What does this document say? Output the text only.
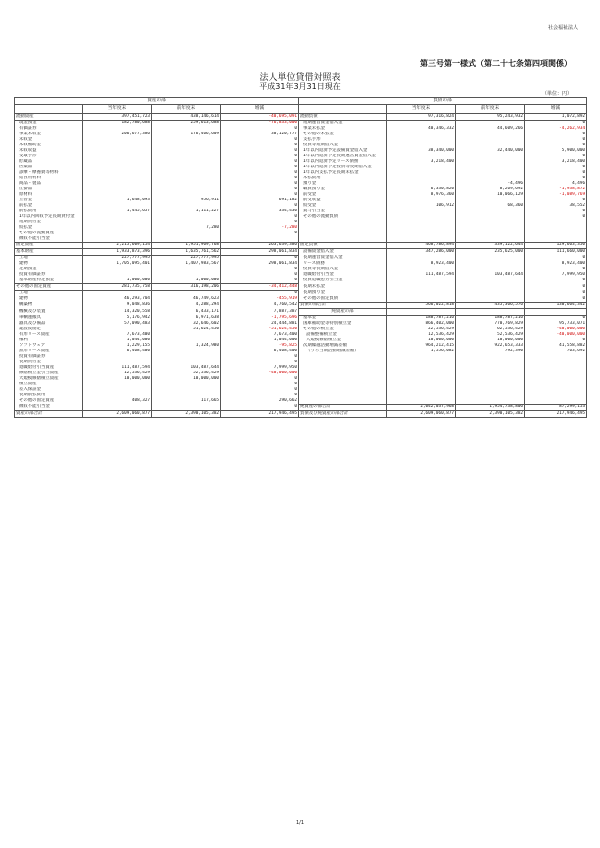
社会福祉法人
第三号第一様式（第二十七条第四項関係）
法人単位貸借対照表
平成31年3月31日現在
（単位：円）
資産の部				負債の部			
	当年度末	前年度末	増減		当年度末	前年度末	増減
流動資産	397,451,723	438,146,614	-40,695,091	流動負債	97,316,824	95,243,932	1,072,892
現金預金	182,780,688	259,613,688	-76,833,000	短期運営資金借入金			0
有価証券			0	事業未払金	40,346,332	44,609,266	-4,262,934
事業未収金	206,677,386	176,466,609	30,120,777	その他の未払金			0
未収金			0	支払手形			0
未収補助金			0	役員等短期借入金			0
未収収益			0	1年以内返済予定設備資金借入金	38,340,000	32,440,000	5,900,000
受取手形			0	1年以内返済予定長期運営資金借入金			0
貯蔵品			0	1年以内返済予定リース債務	3,218,400		3,218,400
医薬品			0	1年以内返済予定役員等長期借入金			0
診療・療養費等材料			0	1年以内支払予定長期未払金			0
給食用材料			0	未払費用			0
商品・製品			0	預り金		-4,496	4,496
仕掛品			0	職員預り金	6,330,820	8,269,692	-1,938,872
原材料			0	前受金	8,976,360	10,066,129	-1,089,769
立替金	1,648,093	956,911	691,182	前受収益			0
前払金			0	仮受金	106,912	68,360	38,552
前払費用	1,445,657	1,111,227	334,430	賞与引当金			0
1年以内回収予定長期貸付金			0	その他の流動負債			0
短期貸付金			0				
仮払金		7,280	-7,280				
その他の流動資産			0				
徴収不能引当金							
固定資産	2,215,609,154	1,951,969,768	263,639,386	固定負債	468,786,894	339,122,644	129,663,350
基本財産	1,933,873,396	1,635,761,562	298,061,834	設備資金借入金	347,286,000	235,625,000	111,660,000
土地	227,777,995	227,777,995	0	長期運営資金借入金			0
建物	1,705,095,401	1,407,983,567	298,061,834	リース債務	8,923,400		8,923,400
定期預金			0	役員等長期借入金			0
投資有価証券			0	退職給付引当金	111,487,594	103,487,644	7,999,950
基本財産特定預金	1,000,000	1,000,000	0	役員退職慰労引当金			0
その他の固定資産	281,735,758	316,198,206	-34,412,448	長期未払金			0
土地			0	長期預り金			0
建物	46,293,704	46,749,623	-455,919	その他の固定負債			0
構築物	9,048,836	4,288,294	4,760,542	負債の部合計	566,022,818	435,366,576	130,664,342
機械及び装置	14,320,558	6,433,171	7,887,387	純資産の部			
車輌運搬具	5,176,942	6,971,638	-1,795,696	基本金	188,787,216	188,787,216	0
器具及び備品	57,090,483	32,646,602	24,444,881	国庫補助金等特別積立金	866,402,000	770,769,829	95,733,071
建設仮勘定		51,624,450	-51,624,450	その他の積立金	22,536,429	62,536,429	-40,000,000
有形リース資産	7,673,400		7,673,400	設備整備積立金	12,536,429	52,536,429	-40,000,000
権利	1,044,000		1,044,000	大規模修繕積立金	10,000,000	10,000,000	0
ソフトウェア	1,229,155	1,324,980	-95,825	次期繰越活動増減差額	964,212,415	922,653,333	41,558,882
無形リース資産	6,468,400		6,468,400	（うち当期活動増減差額）	1,556,082	792,390	763,692
投資有価証券			0				
長期貸付金			0				
退職給付引当資産	111,487,594	103,487,644	7,999,950				
修繕積立金引当資産	12,536,429	52,536,429	-40,000,000				
大規模修繕積立資産	10,000,000	10,000,000	0				
積立資産			0				
差入保証金			0				
長期前払費用			0				
その他の固定資産	408,327	117,665	290,662				
徴収不能引当金			0	純資産の部合計	2,042,037,968	1,954,738,806	87,299,153
資産の部合計	2,609,060,877	2,390,105,382	217,946,495	負債及び純資産の部合計	2,609,060,877	2,390,105,382	217,946,495
1/1
